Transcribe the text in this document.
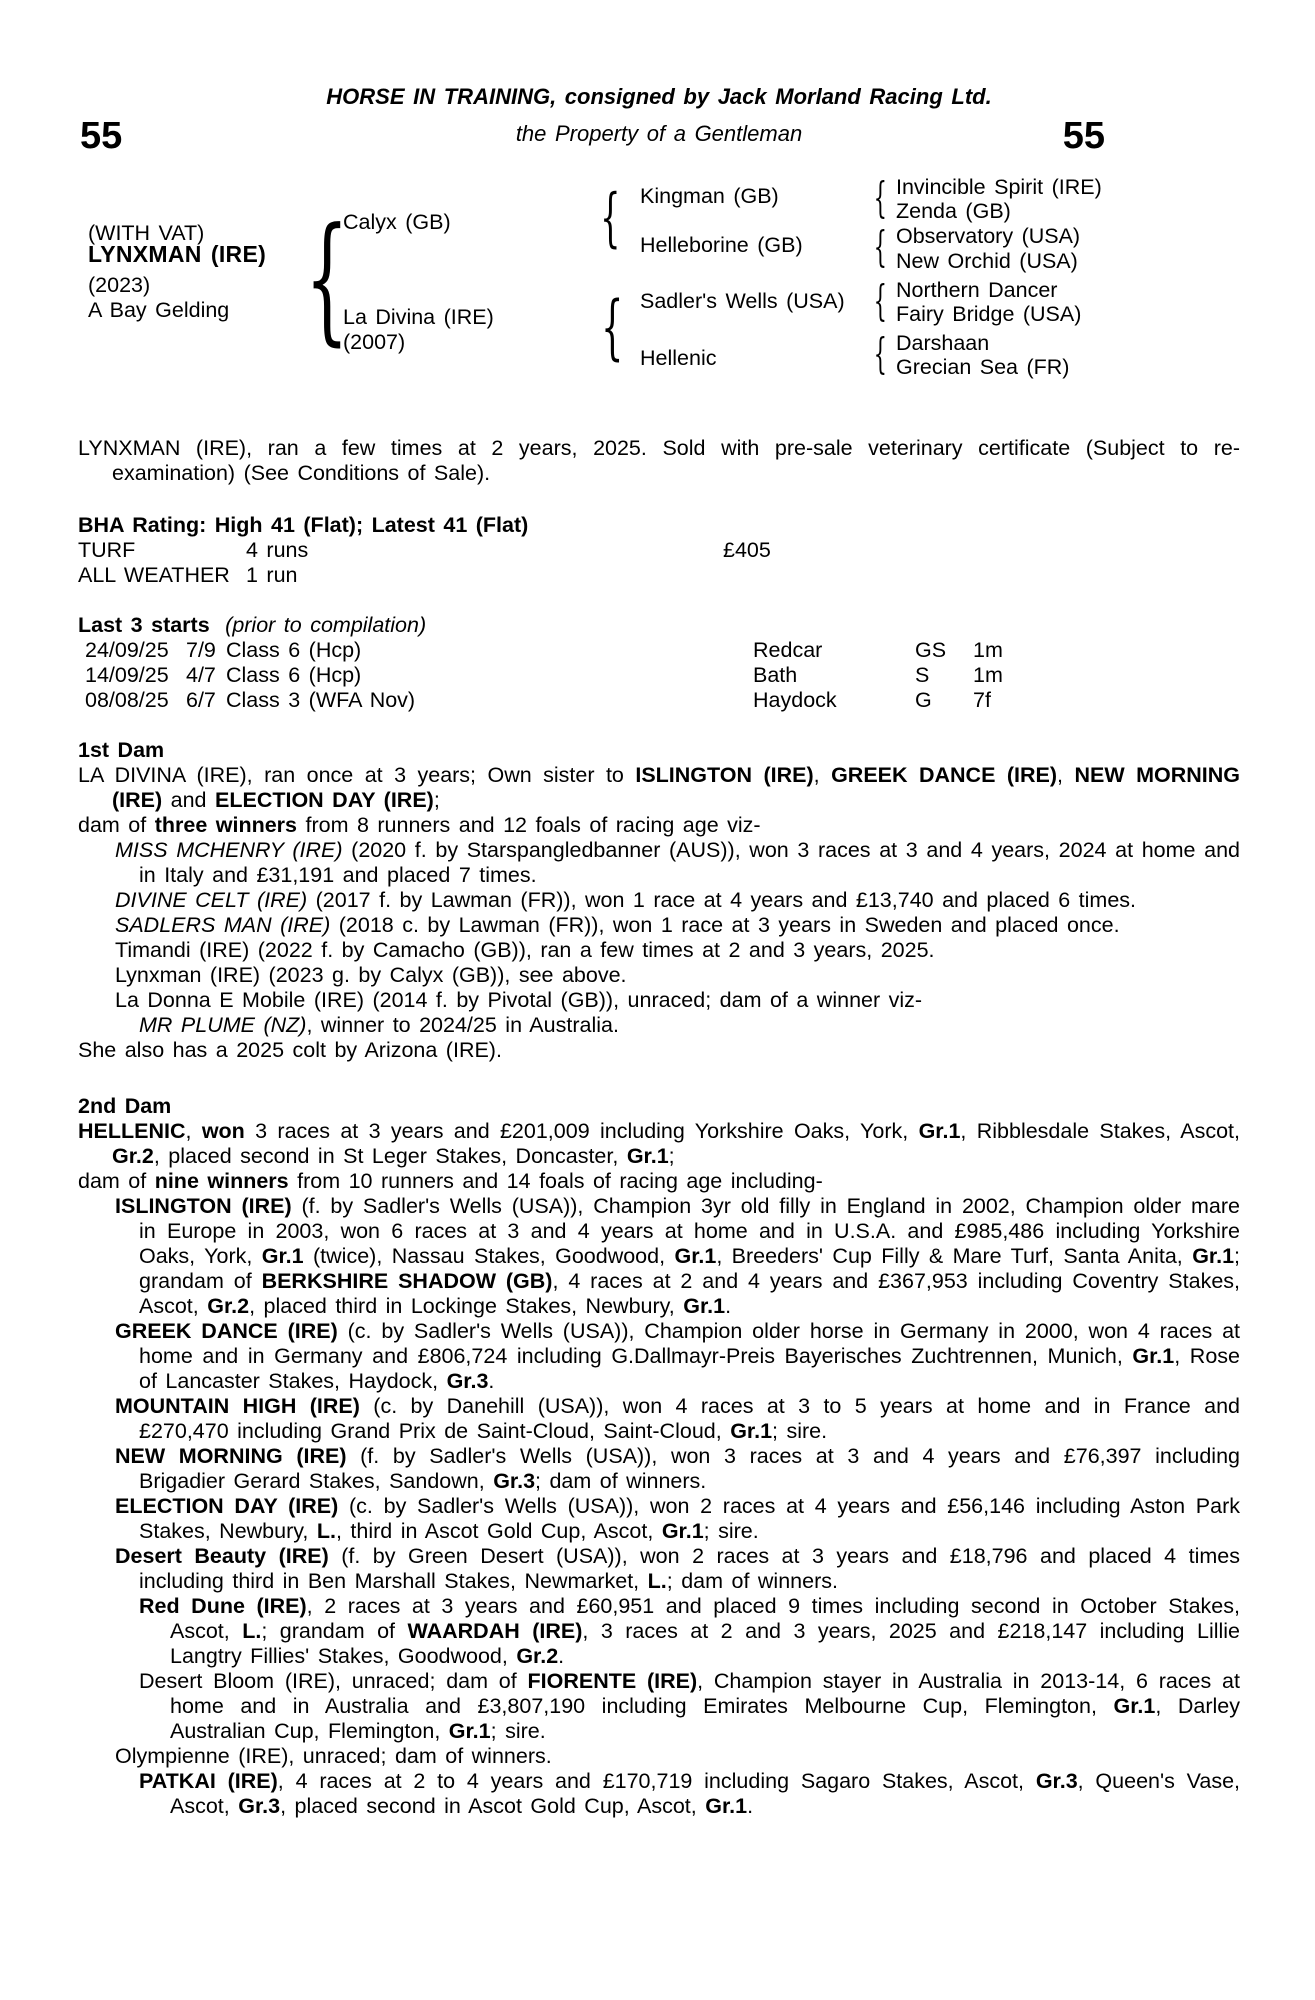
HORSE IN TRAINING, consigned by Jack Morland Racing Ltd.
55	the Property of a Gentleman	55
(WITH VAT)
LYNXMAN (IRE)
(2023)
A Bay Gelding {
Calyx (GB)
La Divina (IRE)
(2007)
{
{
Kingman (GB)
Helleborine (GB)
Sadler's Wells (USA)
Hellenic
{
{
{
{
Invincible Spirit (IRE)
Zenda (GB)
Observatory (USA)
New Orchid (USA)
Northern Dancer
Fairy Bridge (USA)
Darshaan
Grecian Sea (FR)

LYNXMAN (IRE), ran a few times at 2 years, 2025. Sold with pre-sale veterinary certificate (Subject to re-examination) (See Conditions of Sale).

BHA Rating: High 41 (Flat); Latest 41 (Flat)
TURF	4 runs	£405
ALL WEATHER 1 run
Last 3 starts (prior to compilation)
24/09/25 7/9 Class 6 (Hcp)	Redcar	GS	1m
14/09/25 4/7 Class 6 (Hcp)	Bath	S	1m
08/08/25 6/7 Class 3 (WFA Nov)	Haydock	G	7f
1st Dam

LA DIVINA (IRE), ran once at 3 years; Own sister to ISLINGTON (IRE), GREEK DANCE (IRE), NEW MORNING (IRE) and ELECTION DAY (IRE);

dam of three winners from 8 runners and 12 foals of racing age viz-

MISS MCHENRY (IRE) (2020 f. by Starspangledbanner (AUS)), won 3 races at 3 and 4 years, 2024 at home and in Italy and £31,191 and placed 7 times.

DIVINE CELT (IRE) (2017 f. by Lawman (FR)), won 1 race at 4 years and £13,740 and placed 6 times.

SADLERS MAN (IRE) (2018 c. by Lawman (FR)), won 1 race at 3 years in Sweden and placed once.

Timandi (IRE) (2022 f. by Camacho (GB)), ran a few times at 2 and 3 years, 2025.

Lynxman (IRE) (2023 g. by Calyx (GB)), see above.

La Donna E Mobile (IRE) (2014 f. by Pivotal (GB)), unraced; dam of a winner viz-

MR PLUME (NZ), winner to 2024/25 in Australia.

She also has a 2025 colt by Arizona (IRE).

2nd Dam

HELLENIC, won 3 races at 3 years and £201,009 including Yorkshire Oaks, York, Gr.1, Ribblesdale Stakes, Ascot, Gr.2, placed second in St Leger Stakes, Doncaster, Gr.1;

dam of nine winners from 10 runners and 14 foals of racing age including-

ISLINGTON (IRE) (f. by Sadler's Wells (USA)), Champion 3yr old filly in England in 2002, Champion older mare in Europe in 2003, won 6 races at 3 and 4 years at home and in U.S.A. and £985,486 including Yorkshire Oaks, York, Gr.1 (twice), Nassau Stakes, Goodwood, Gr.1, Breeders' Cup Filly & Mare Turf, Santa Anita, Gr.1; grandam of BERKSHIRE SHADOW (GB), 4 races at 2 and 4 years and £367,953 including Coventry Stakes, Ascot, Gr.2, placed third in Lockinge Stakes, Newbury, Gr.1.

GREEK DANCE (IRE) (c. by Sadler's Wells (USA)), Champion older horse in Germany in 2000, won 4 races at home and in Germany and £806,724 including G.Dallmayr-Preis Bayerisches Zuchtrennen, Munich, Gr.1, Rose of Lancaster Stakes, Haydock, Gr.3.

MOUNTAIN HIGH (IRE) (c. by Danehill (USA)), won 4 races at 3 to 5 years at home and in France and £270,470 including Grand Prix de Saint-Cloud, Saint-Cloud, Gr.1; sire.

NEW MORNING (IRE) (f. by Sadler's Wells (USA)), won 3 races at 3 and 4 years and £76,397 including Brigadier Gerard Stakes, Sandown, Gr.3; dam of winners.

ELECTION DAY (IRE) (c. by Sadler's Wells (USA)), won 2 races at 4 years and £56,146 including Aston Park Stakes, Newbury, L., third in Ascot Gold Cup, Ascot, Gr.1; sire.

Desert Beauty (IRE) (f. by Green Desert (USA)), won 2 races at 3 years and £18,796 and placed 4 times including third in Ben Marshall Stakes, Newmarket, L.; dam of winners.

Red Dune (IRE), 2 races at 3 years and £60,951 and placed 9 times including second in October Stakes, Ascot, L.; grandam of WAARDAH (IRE), 3 races at 2 and 3 years, 2025 and £218,147 including Lillie Langtry Fillies' Stakes, Goodwood, Gr.2.

Desert Bloom (IRE), unraced; dam of FIORENTE (IRE), Champion stayer in Australia in 2013-14, 6 races at home and in Australia and £3,807,190 including Emirates Melbourne Cup, Flemington, Gr.1, Darley Australian Cup, Flemington, Gr.1; sire.

Olympienne (IRE), unraced; dam of winners.

PATKAI (IRE), 4 races at 2 to 4 years and £170,719 including Sagaro Stakes, Ascot, Gr.3, Queen's Vase, Ascot, Gr.3, placed second in Ascot Gold Cup, Ascot, Gr.1.
